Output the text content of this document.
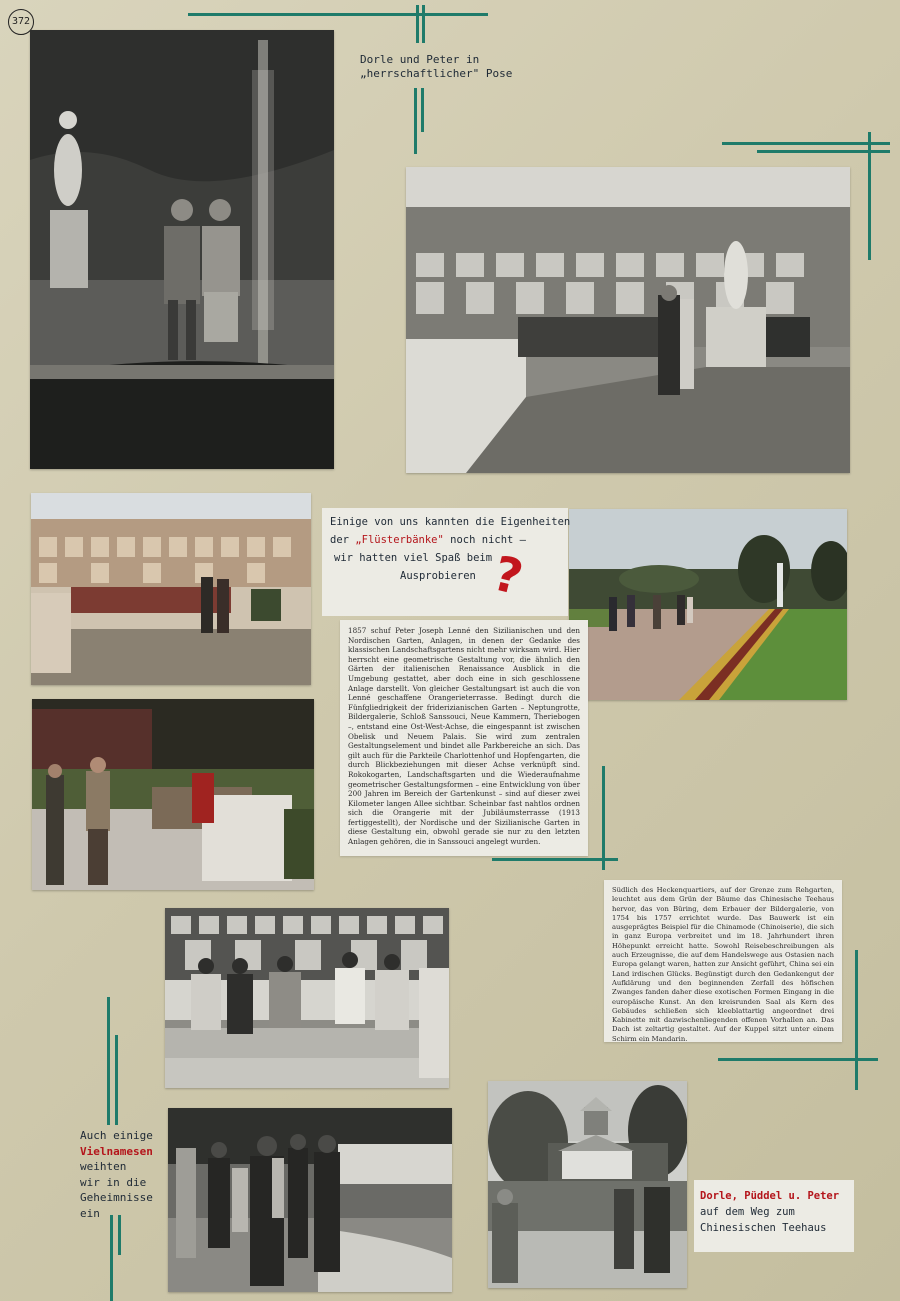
372
Dorle und Peter in
„herrschaftlicher" Pose
Einige von uns kannten die Eigenheiten
der „Flüsterbänke" noch nicht –
wir hatten viel Spaß beim
Ausprobieren ?

1857 schuf Peter Joseph Lenné den Sizilianischen und den Nordischen Garten, Anlagen, in denen der Gedanke des klassischen Landschaftsgartens nicht mehr wirksam wird. Hier herrscht eine geometrische Gestaltung vor, die ähnlich den Gärten der italienischen Renaissance Ausblick in die Umgebung gestattet, aber doch eine in sich geschlossene Anlage darstellt. Von gleicher Gestaltungsart ist auch die von Lenné geschaffene Orangerieterrasse. Bedingt durch die Fünfgliedrigkeit der friderizianischen Garten – Neptungrotte, Bildergalerie, Schloß Sanssouci, Neue Kammern, Theriebogen –, entstand eine Ost-West-Achse, die eingespannt ist zwischen Obelisk und Neuem Palais. Sie wird zum zentralen Gestaltungselement und bindet alle Parkbereiche an sich. Das gilt auch für die Parkteile Charlottenhof und Hopfengarten, die durch Blickbeziehungen mit dieser Achse verknüpft sind. Rokokogarten, Landschaftsgarten und die Wiederaufnahme geometrischer Gestaltungsformen – eine Entwicklung von über 200 Jahren im Bereich der Gartenkunst – sind auf dieser zwei Kilometer langen Allee sichtbar. Scheinbar fast nahtlos ordnen sich die Orangerie mit der Jubiläumsterrasse (1913 fertiggestellt), der Nordische und der Sizilianische Garten in diese Gestaltung ein, obwohl gerade sie nur zu den letzten Anlagen gehören, die in Sanssouci angelegt wurden.

Südlich des Heckenquartiers, auf der Grenze zum Rehgarten, leuchtet aus dem Grün der Bäume das Chinesische Teehaus hervor, das von Büring, dem Erbauer der Bildergalerie, von 1754 bis 1757 errichtet wurde. Das Bauwerk ist ein ausgeprägtes Beispiel für die Chinamode (Chinoiserie), die sich in ganz Europa verbreitet und im 18. Jahrhundert ihren Höhepunkt erreicht hatte. Sowohl Reisebeschreibungen als auch Erzeugnisse, die auf dem Handelswege aus Ostasien nach Europa gelangt waren, hatten zur Ansicht geführt, China sei ein Land irdischen Glücks. Begünstigt durch den Gedankengut der Aufklärung und den beginnenden Zerfall des höfischen Zwanges fanden daher diese exotischen Formen Eingang in die europäische Kunst. An den kreisrunden Saal als Kern des Gebäudes schließen sich kleeblattartig angeordnet drei Kabinette mit dazwischenliegenden offenen Vorhallen an. Das Dach ist zeltartig gestaltet. Auf der Kuppel sitzt unter einem Schirm ein Mandarin.

Auch einige
Vielnamesen
weihten
wir in die
Geheimnisse
ein
Dorle, Püddel u. Peter
auf dem Weg zum
Chinesischen Teehaus
